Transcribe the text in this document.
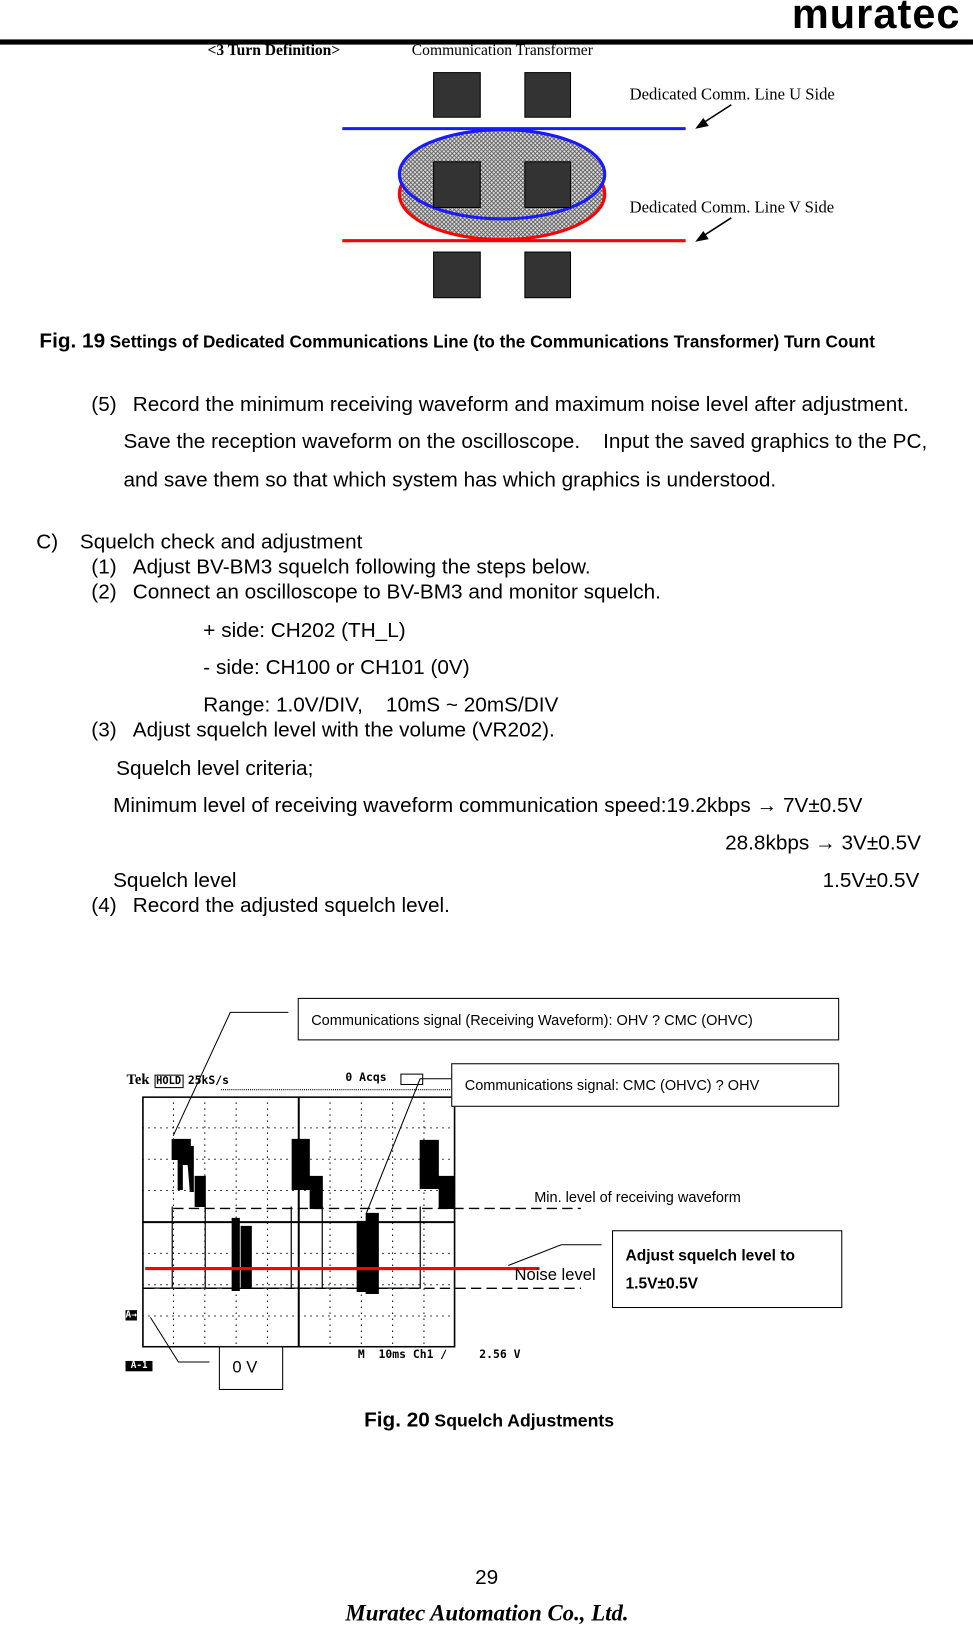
muratec
<3 Turn Definition>	Communication Transformer
Dedicated Comm. Line U Side
Dedicated Comm. Line V Side
Fig. 19 Settings of Dedicated Communications Line (to the Communications Transformer) Turn Count
(5) Record the minimum receiving waveform and maximum noise level after adjustment.
Save the reception waveform on the oscilloscope.    Input the saved graphics to the PC,
and save them so that which system has which graphics is understood.
C) Squelch check and adjustment
(1) Adjust BV-BM3 squelch following the steps below.
(2) Connect an oscilloscope to BV-BM3 and monitor squelch.
+ side: CH202 (TH_L)
- side: CH100 or CH101 (0V)
Range: 1.0V/DIV,    10mS ~ 20mS/DIV
(3) Adjust squelch level with the volume (VR202).
Squelch level criteria;
Minimum level of receiving waveform communication speed:19.2kbps → 7V±0.5V
28.8kbps → 3V±0.5V
Squelch level	1.5V±0.5V
(4) Record the adjusted squelch level.
Tek HOLD 25kS/s	0 Acqs
M  10ms Ch1 ∕	2.56 V
A→
A-1
Communications signal (Receiving Waveform): OHV ? CMC (OHVC)
Communications signal: CMC (OHVC) ? OHV
Min. level of receiving waveform
Noise level
Adjust squelch level to
1.5V±0.5V
0 V
Fig. 20 Squelch Adjustments
29
Muratec Automation Co., Ltd.
